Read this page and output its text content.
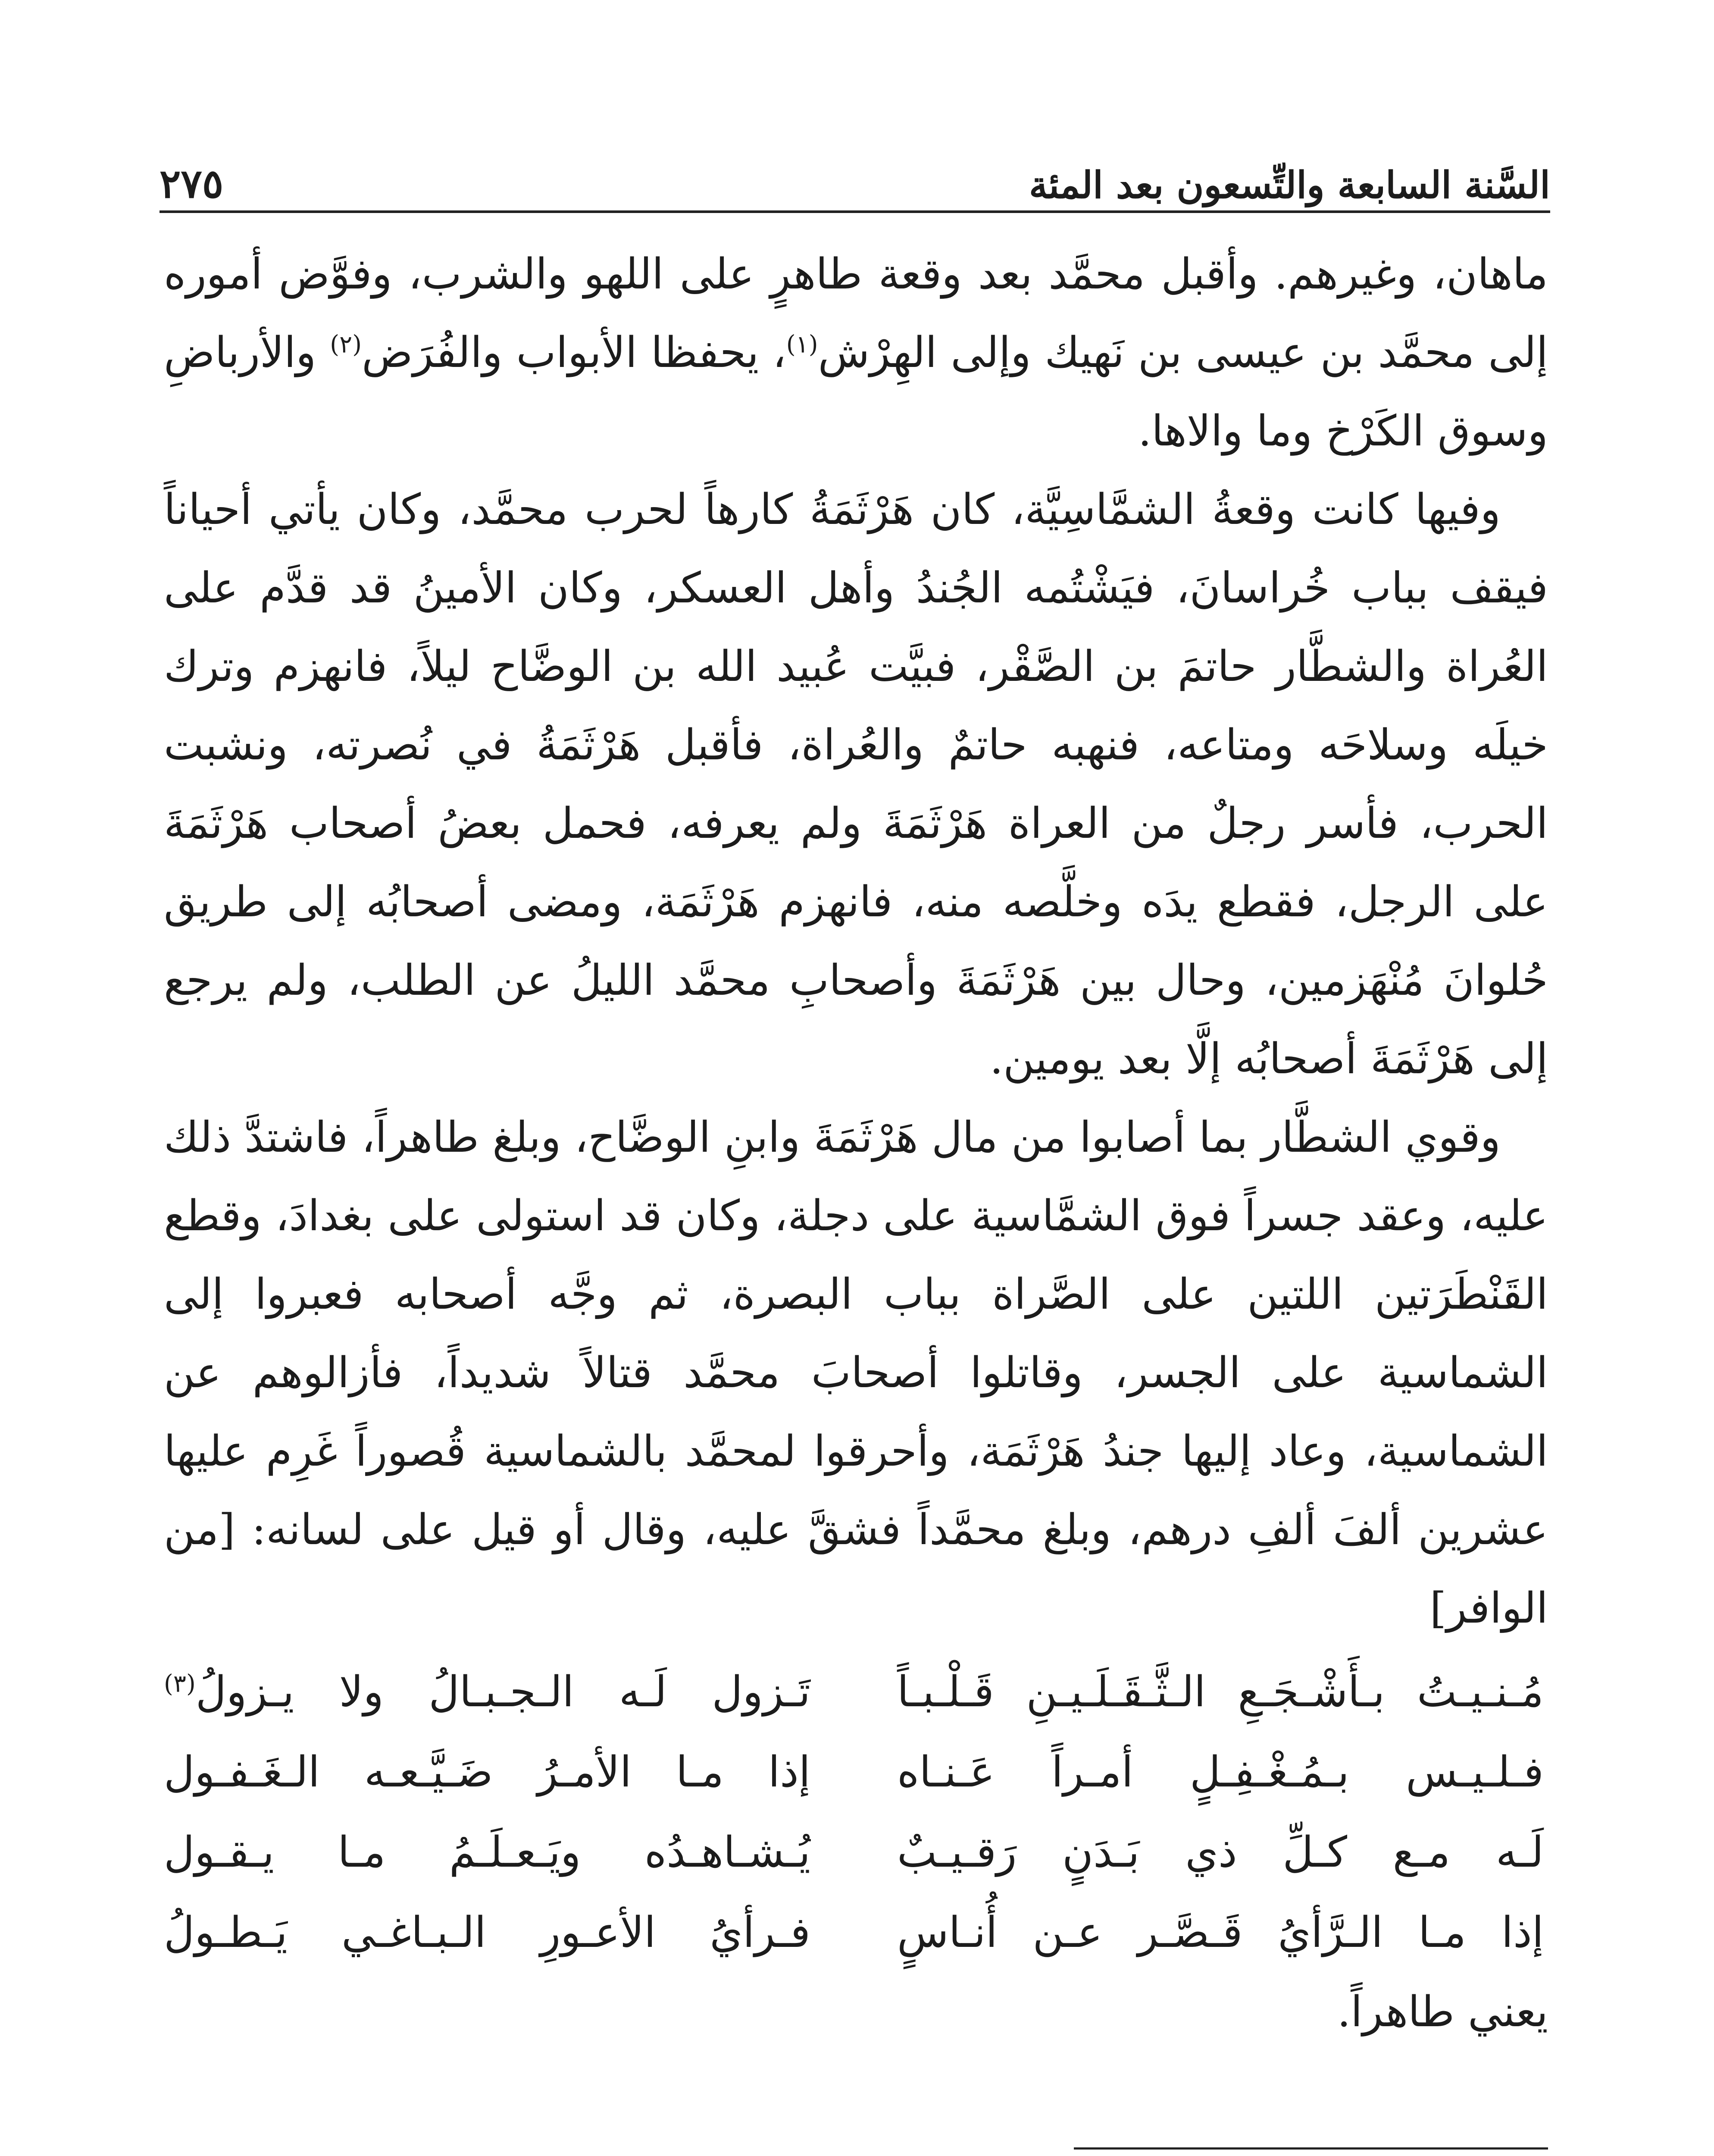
السَّنة السابعة والتِّسعون بعد المئة
٢٧٥

ماهان، وغيرهم. وأقبل محمَّد بعد وقعة طاهرٍ على اللهو والشرب، وفوَّض أموره إلى محمَّد بن عيسى بن نَهيك وإلى الهِرْش$^{(١)}$، يحفظا الأبواب والفُرَض$^{(٢)}$ والأرباضِ وسوق الكَرْخ وما والاها.

وفيها كانت وقعةُ الشمَّاسِيَّة، كان هَرْثَمَةُ كارهاً لحرب محمَّد، وكان يأتي أحياناً فيقف بباب خُراسانَ، فيَشْتُمه الجُندُ وأهل العسكر، وكان الأمينُ قد قدَّم على العُراة والشطَّار حاتمَ بن الصَّقْر، فبيَّت عُبيد الله بن الوضَّاح ليلاً، فانهزم وترك خيلَه وسلاحَه ومتاعه، فنهبه حاتمٌ والعُراة، فأقبل هَرْثَمَةُ في نُصرته، ونشبت الحرب، فأسر رجلٌ من العراة هَرْثَمَةَ ولم يعرفه، فحمل بعضُ أصحاب هَرْثَمَةَ على الرجل، فقطع يدَه وخلَّصه منه، فانهزم هَرْثَمَة، ومضى أصحابُه إلى طريق حُلوانَ مُنْهَزمين، وحال بين هَرْثَمَةَ وأصحابِ محمَّد الليلُ عن الطلب، ولم يرجع إلى هَرْثَمَةَ أصحابُه إلَّا بعد يومين.

وقوي الشطَّار بما أصابوا من مال هَرْثَمَةَ وابنِ الوضَّاح، وبلغ طاهراً، فاشتدَّ ذلك عليه، وعقد جسراً فوق الشمَّاسية على دجلة، وكان قد استولى على بغدادَ، وقطع القَنْطَرَتين اللتين على الصَّراة بباب البصرة، ثم وجَّه أصحابه فعبروا إلى الشماسية على الجسر، وقاتلوا أصحابَ محمَّد قتالاً شديداً، فأزالوهم عن الشماسية، وعاد إليها جندُ هَرْثَمَة، وأحرقوا لمحمَّد بالشماسية قُصوراً غَرِم عليها عشرين ألفَ ألفِ درهم، وبلغ محمَّداً فشقَّ عليه، وقال أو قيل على لسانه: [من الوافر]

مُـنـيـتُ بـأَشْـجَـعِ الـثَّـقَـلَـيـنِ قَـلْـبـاً
تَـزول لَـه الـجـبـالُ ولا يـزولُ$^{(٣)}$
فـلـيـس بـمُـغْـفِـلٍ أمـراً عَـنـاه
إذا مـا الأمـرُ ضَـيَّـعـه الـغَـفـول
لَـه مـع كـلِّ ذي بَـدَنٍ رَقـيـبٌ
يُـشـاهـدُه ويَـعـلَـمُ مـا يـقـول
إذا مـا الـرَّأيُ قَـصَّـر عـن أُنـاسٍ
فـرأيُ الأعـورِ الـبـاغـي يَـطـولُ

يعني طاهراً.
